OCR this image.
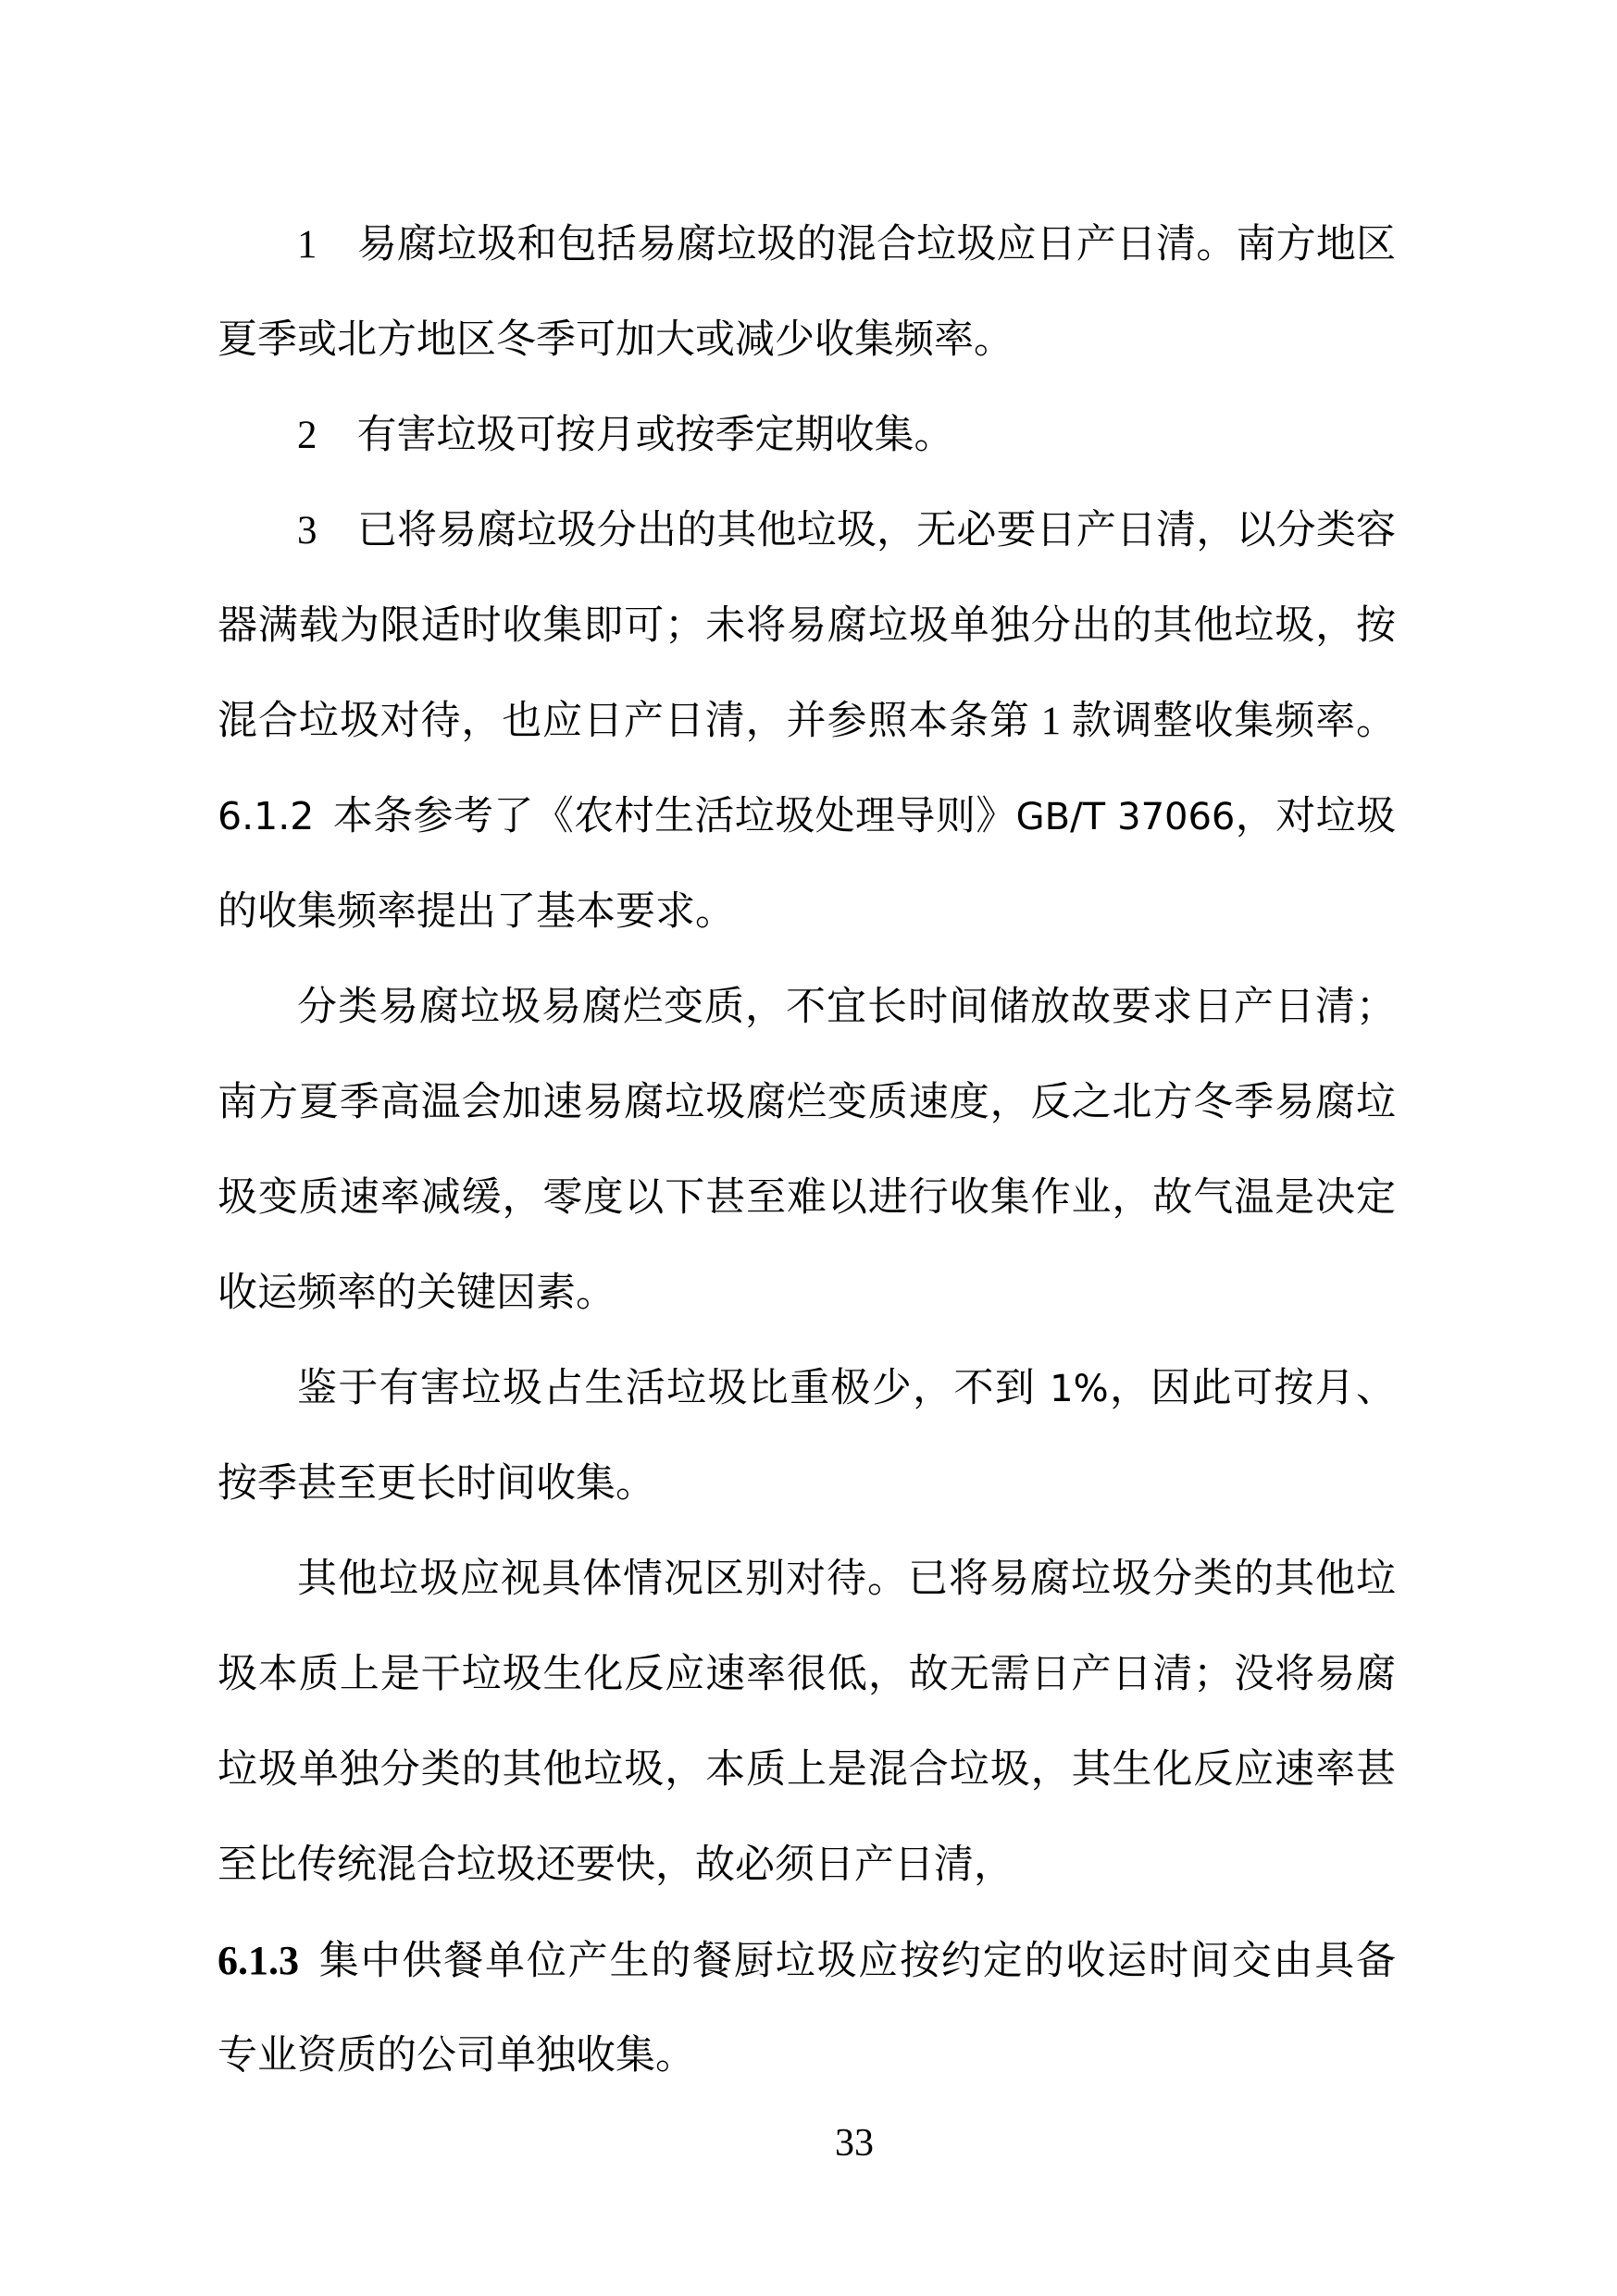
1　易腐垃圾和包括易腐垃圾的混合垃圾应日产日清。南方地区
夏季或北方地区冬季可加大或减少收集频率。
2　有害垃圾可按月或按季定期收集。
3　已将易腐垃圾分出的其他垃圾，无必要日产日清，以分类容
器满载为限适时收集即可；未将易腐垃圾单独分出的其他垃圾，按
混合垃圾对待，也应日产日清，并参照本条第 1 款调整收集频率。
6.1.2 本条参考了《农村生活垃圾处理导则》GB/T 37066，对垃圾
的收集频率提出了基本要求。
分类易腐垃圾易腐烂变质，不宜长时间储放故要求日产日清；
南方夏季高温会加速易腐垃圾腐烂变质速度，反之北方冬季易腐垃
圾变质速率减缓，零度以下甚至难以进行收集作业，故气温是决定
收运频率的关键因素。
鉴于有害垃圾占生活垃圾比重极少，不到 1%，因此可按月、
按季甚至更长时间收集。
其他垃圾应视具体情况区别对待。已将易腐垃圾分类的其他垃
圾本质上是干垃圾生化反应速率很低，故无需日产日清；没将易腐
垃圾单独分类的其他垃圾，本质上是混合垃圾，其生化反应速率甚
至比传统混合垃圾还要快，故必须日产日清，
6.1.3 集中供餐单位产生的餐厨垃圾应按约定的收运时间交由具备
专业资质的公司单独收集。
33
